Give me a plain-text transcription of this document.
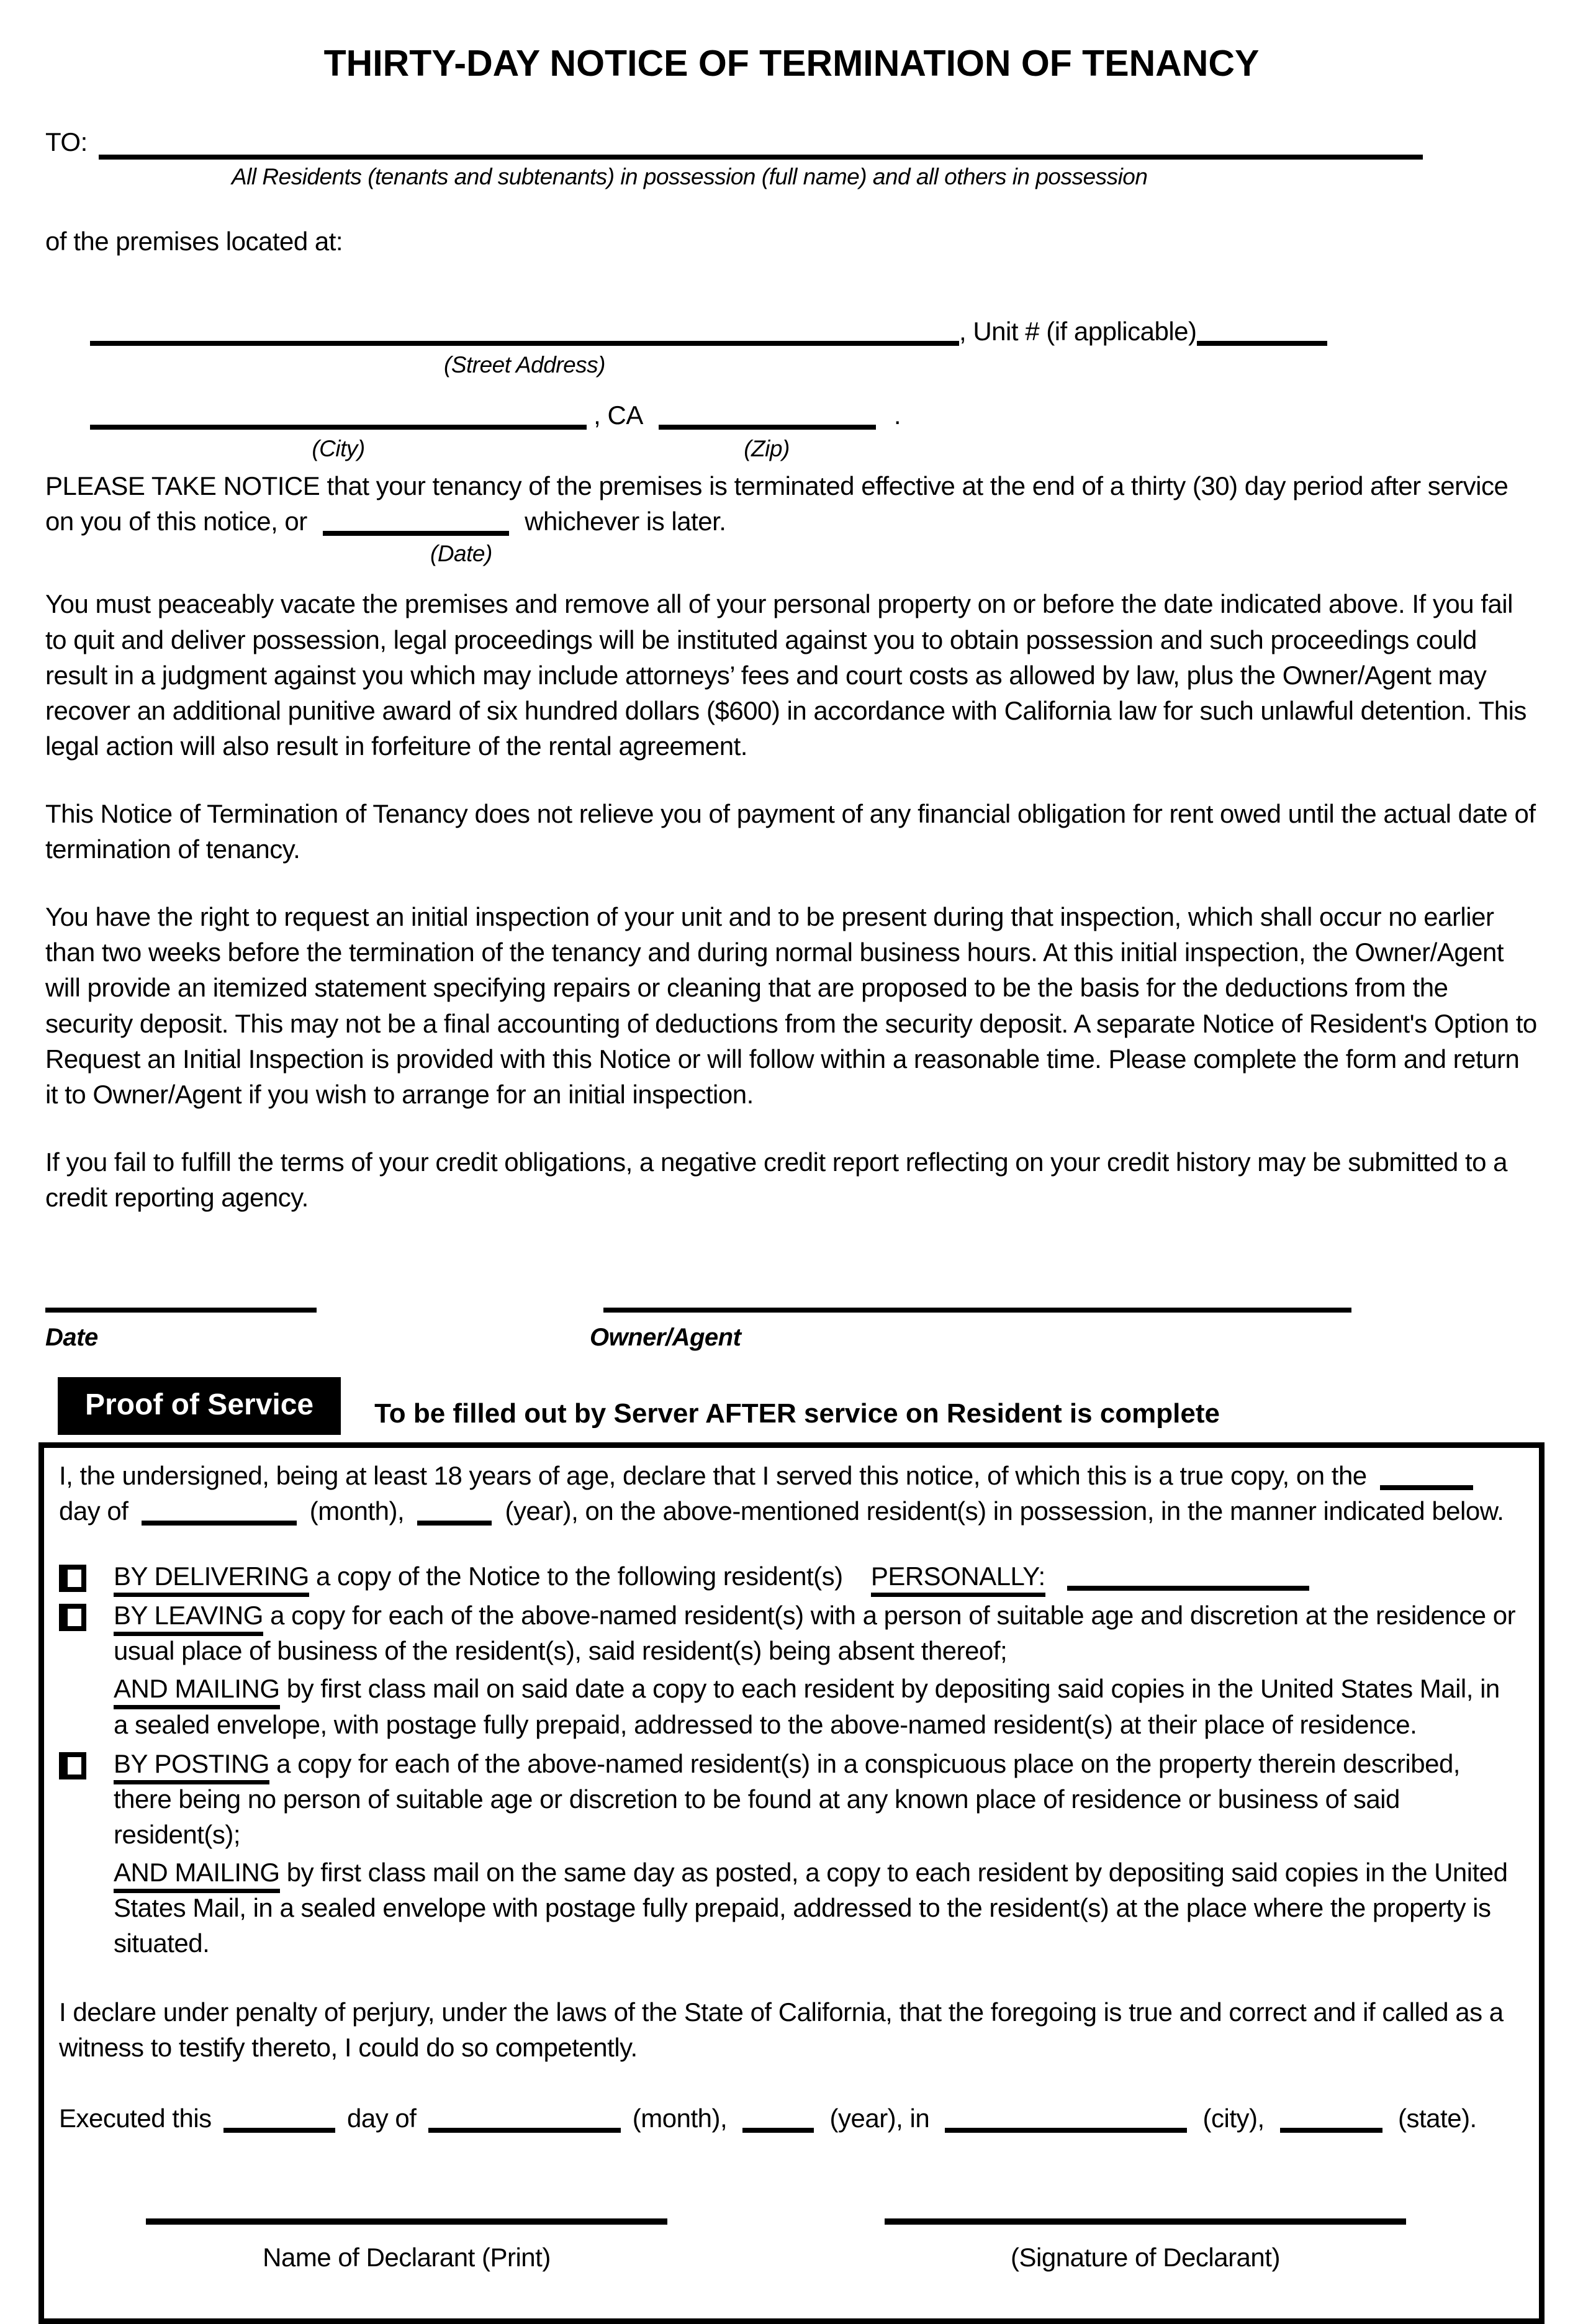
THIRTY-DAY NOTICE OF TERMINATION OF TENANCY
TO:
All Residents (tenants and subtenants) in possession (full name) and all others in possession
of the premises located at:
, Unit # (if applicable)
(Street Address)
, CA	.
(City)	(Zip)
PLEASE TAKE NOTICE that your tenancy of the premises is terminated effective at the end of a thirty (30) day period after service on you of this notice, or	whichever is later.
(Date)
You must peaceably vacate the premises and remove all of your personal property on or before the date indicated above. If you fail to quit and deliver possession, legal proceedings will be instituted against you to obtain possession and such proceedings could result in a judgment against you which may include attorneys’ fees and court costs as allowed by law, plus the Owner/Agent may recover an additional punitive award of six hundred dollars ($600) in accordance with California law for such unlawful detention. This legal action will also result in forfeiture of the rental agreement.
This Notice of Termination of Tenancy does not relieve you of payment of any financial obligation for rent owed until the actual date of termination of tenancy.
You have the right to request an initial inspection of your unit and to be present during that inspection, which shall occur no earlier than two weeks before the termination of the tenancy and during normal business hours. At this initial inspection, the Owner/Agent will provide an itemized statement specifying repairs or cleaning that are proposed to be the basis for the deductions from the security deposit. This may not be a final accounting of deductions from the security deposit. A separate Notice of Resident's Option to Request an Initial Inspection is provided with this Notice or will follow within a reasonable time. Please complete the form and return it to Owner/Agent if you wish to arrange for an initial inspection.
If you fail to fulfill the terms of your credit obligations, a negative credit report reflecting on your credit history may be submitted to a credit reporting agency.

Date	Owner/Agent
Proof of Service	To be filled out by Server AFTER service on Resident is complete
I, the undersigned, being at least 18 years of age, declare that I served this notice, of which this is a true copy, on the  day of	(month),	(year), on the above-mentioned resident(s) in possession, in the manner indicated below.
BY DELIVERING a copy of the Notice to the following resident(s) PERSONALLY:
BY LEAVING a copy for each of the above-named resident(s) with a person of suitable age and discretion at the residence or usual place of business of the resident(s), said resident(s) being absent thereof;
AND MAILING by first class mail on said date a copy to each resident by depositing said copies in the United States Mail, in a sealed envelope, with postage fully prepaid, addressed to the above-named resident(s) at their place of residence.
BY POSTING a copy for each of the above-named resident(s) in a conspicuous place on the property therein described, there being no person of suitable age or discretion to be found at any known place of residence or business of said resident(s);
AND MAILING by first class mail on the same day as posted, a copy to each resident by depositing said copies in the United States Mail, in a sealed envelope with postage fully prepaid, addressed to the resident(s) at the place where the property is situated.
I declare under penalty of perjury, under the laws of the State of California, that the foregoing is true and correct and if called as a witness to testify thereto, I could do so competently.
Executed this	day of	(month),	(year), in	(city),	(state).
Name of Declarant (Print)	(Signature of Declarant)
